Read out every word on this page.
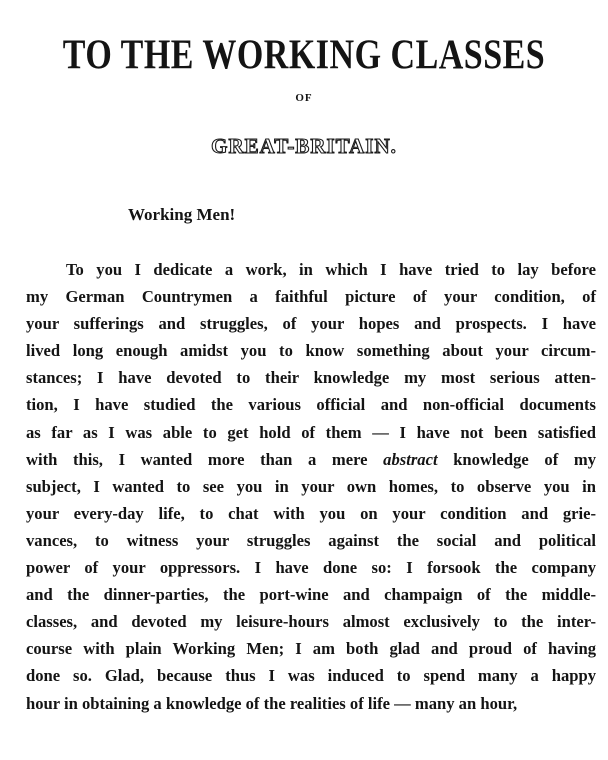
TO THE WORKING CLASSES
OF
GREAT-BRITAIN.
Working Men!
To you I dedicate a work, in which I have tried to lay before
my German Countrymen a faithful picture of your condition, of
your sufferings and struggles, of your hopes and prospects. I have
lived long enough amidst you to know something about your circum-
stances; I have devoted to their knowledge my most serious atten-
tion, I have studied the various official and non-official documents
as far as I was able to get hold of them — I have not been satisfied
with this, I wanted more than a mere abstract knowledge of my
subject, I wanted to see you in your own homes, to observe you in
your every-day life, to chat with you on your condition and grie-
vances, to witness your struggles against the social and political
power of your oppressors. I have done so: I forsook the company
and the dinner-parties, the port-wine and champaign of the middle-
classes, and devoted my leisure-hours almost exclusively to the inter-
course with plain Working Men; I am both glad and proud of having
done so. Glad, because thus I was induced to spend many a happy
hour in obtaining a knowledge of the realities of life — many an hour,
